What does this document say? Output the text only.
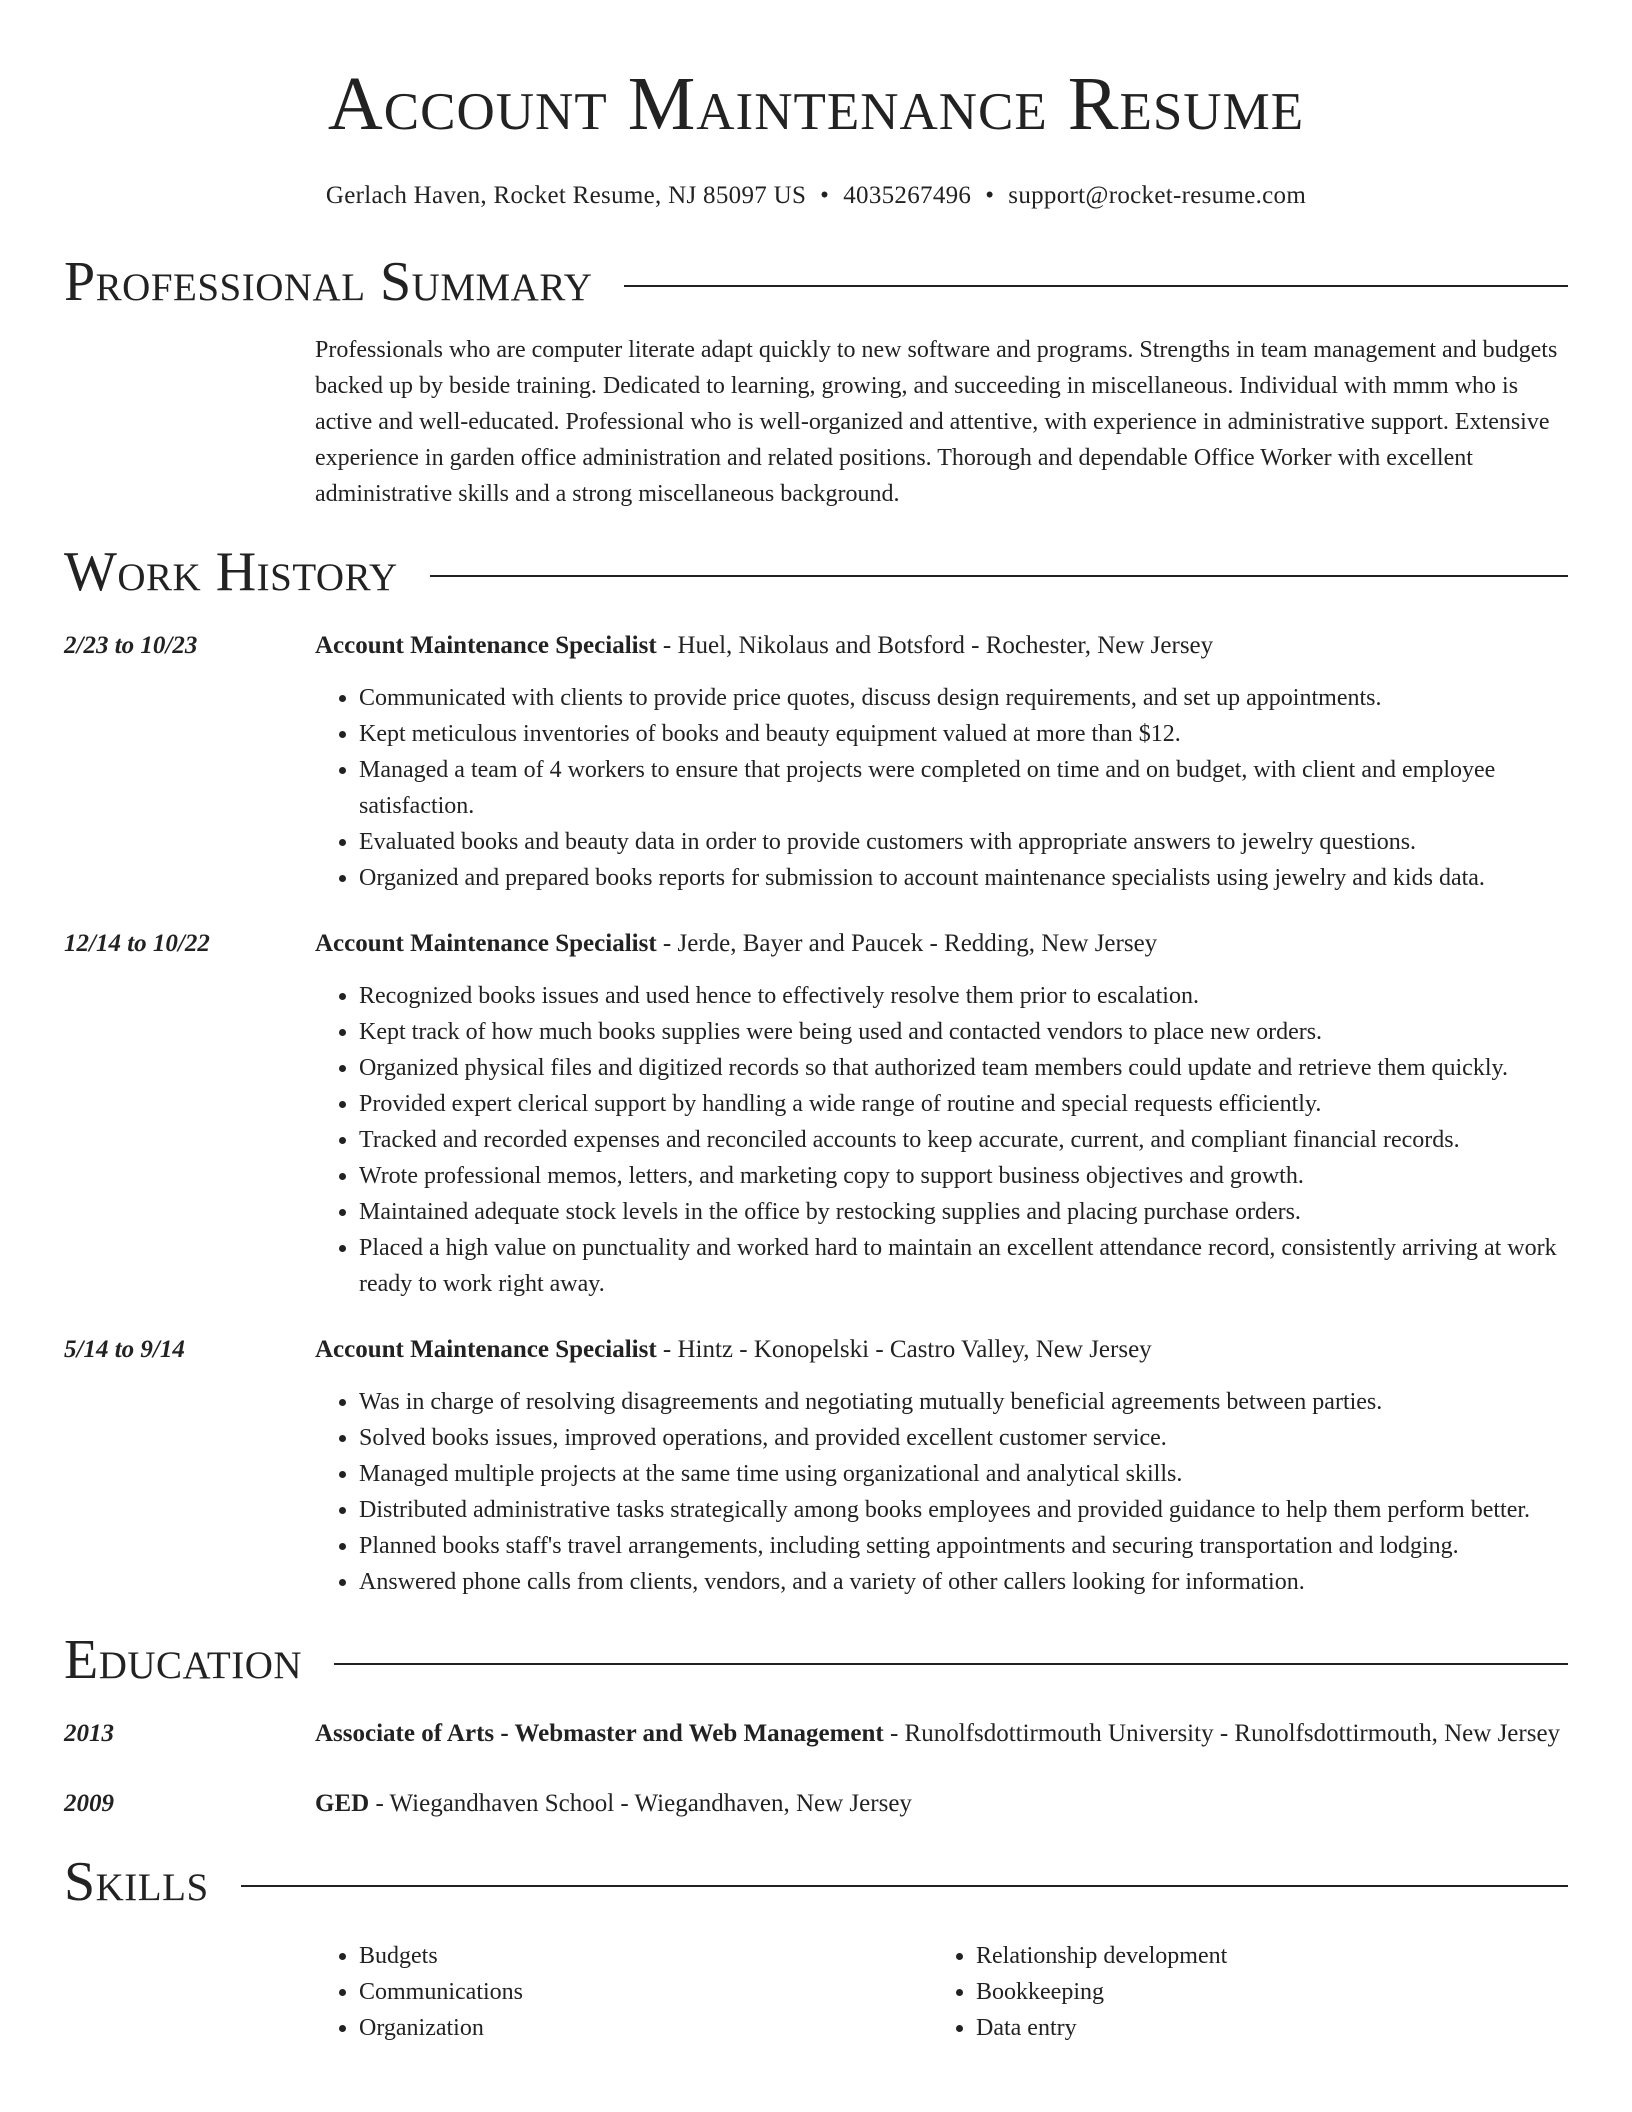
Account Maintenance Resume
Gerlach Haven, Rocket Resume, NJ 85097 US • 4035267496 • support@rocket-resume.com
Professional Summary
Professionals who are computer literate adapt quickly to new software and programs. Strengths in team management and budgets backed up by beside training. Dedicated to learning, growing, and succeeding in miscellaneous. Individual with mmm who is active and well-educated. Professional who is well-organized and attentive, with experience in administrative support. Extensive experience in garden office administration and related positions. Thorough and dependable Office Worker with excellent administrative skills and a strong miscellaneous background.
Work History
2/23 to 10/23	Account Maintenance Specialist - Huel, Nikolaus and Botsford - Rochester, New Jersey
• Communicated with clients to provide price quotes, discuss design requirements, and set up appointments.
• Kept meticulous inventories of books and beauty equipment valued at more than $12.
• Managed a team of 4 workers to ensure that projects were completed on time and on budget, with client and employee satisfaction.
• Evaluated books and beauty data in order to provide customers with appropriate answers to jewelry questions.
• Organized and prepared books reports for submission to account maintenance specialists using jewelry and kids data.
12/14 to 10/22	Account Maintenance Specialist - Jerde, Bayer and Paucek - Redding, New Jersey
• Recognized books issues and used hence to effectively resolve them prior to escalation.
• Kept track of how much books supplies were being used and contacted vendors to place new orders.
• Organized physical files and digitized records so that authorized team members could update and retrieve them quickly.
• Provided expert clerical support by handling a wide range of routine and special requests efficiently.
• Tracked and recorded expenses and reconciled accounts to keep accurate, current, and compliant financial records.
• Wrote professional memos, letters, and marketing copy to support business objectives and growth.
• Maintained adequate stock levels in the office by restocking supplies and placing purchase orders.
• Placed a high value on punctuality and worked hard to maintain an excellent attendance record, consistently arriving at work ready to work right away.
5/14 to 9/14	Account Maintenance Specialist - Hintz - Konopelski - Castro Valley, New Jersey
• Was in charge of resolving disagreements and negotiating mutually beneficial agreements between parties.
• Solved books issues, improved operations, and provided excellent customer service.
• Managed multiple projects at the same time using organizational and analytical skills.
• Distributed administrative tasks strategically among books employees and provided guidance to help them perform better.
• Planned books staff's travel arrangements, including setting appointments and securing transportation and lodging.
• Answered phone calls from clients, vendors, and a variety of other callers looking for information.
Education
2013	Associate of Arts - Webmaster and Web Management - Runolfsdottirmouth University - Runolfsdottirmouth, New Jersey
2009	GED - Wiegandhaven School - Wiegandhaven, New Jersey
Skills
• Budgets
• Communications
• Organization
• Relationship development
• Bookkeeping
• Data entry
